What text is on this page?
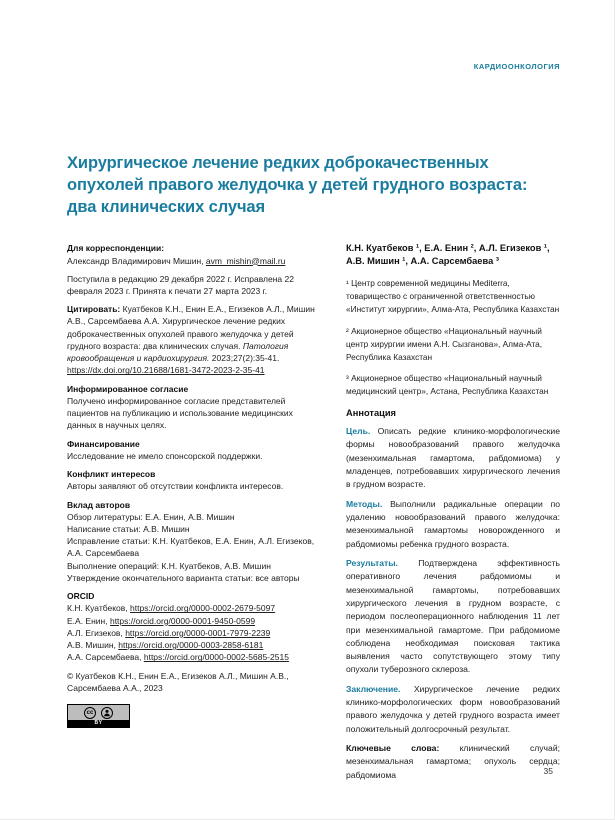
КАРДИООНКОЛОГИЯ
Хирургическое лечение редких доброкачественных опухолей правого желудочка у детей грудного возраста: два клинических случая

Для корреспонденции:
Александр Владимирович Мишин, avm_mishin@mail.ru

Поступила в редакцию 29 декабря 2022 г. Исправлена 22 февраля 2023 г. Принята к печати 27 марта 2023 г.

Цитировать: Куатбеков К.Н., Енин Е.А., Егизеков А.Л., Мишин А.В., Сарсембаева А.А. Хирургическое лечение редких доброкачественных опухолей правого желудочка у детей грудного возраста: два клинических случая. Патология кровообращения и кардиохирургия. 2023;27(2):35-41. https://dx.doi.org/10.21688/1681-3472-2023-2-35-41

Информированное согласие
Получено информированное согласие представителей пациентов на публикацию и использование медицинских данных в научных целях.
Финансирование
Исследование не имело спонсорской поддержки.
Конфликт интересов
Авторы заявляют об отсутствии конфликта интересов.
Вклад авторов
Обзор литературы: Е.А. Енин, А.В. Мишин
Написание статьи: А.В. Мишин
Исправление статьи: К.Н. Куатбеков, Е.А. Енин, А.Л. Егизеков, А.А. Сарсембаева
Выполнение операций: К.Н. Куатбеков, А.В. Мишин
Утверждение окончательного варианта статьи: все авторы
ORCID
К.Н. Куатбеков, https://orcid.org/0000-0002-2679-5097
Е.А. Енин, https://orcid.org/0000-0001-9450-0599
А.Л. Егизеков, https://orcid.org/0000-0001-7979-2239
А.В. Мишин, https://orcid.org/0000-0003-2858-6181
А.А. Сарсембаева, https://orcid.org/0000-0002-5685-2515

© Куатбеков К.Н., Енин Е.А., Егизеков А.Л., Мишин А.В., Сарсембаева А.А., 2023

cc
BY

К.Н. Куатбеков ¹, Е.А. Енин ², А.Л. Егизеков ¹, А.В. Мишин ¹, А.А. Сарсембаева ³

¹ Центр современной медицины Mediterra, товарищество с ограниченной ответственностью «Институт хирургии», Алма-Ата, Республика Казахстан

² Акционерное общество «Национальный научный центр хирургии имени А.Н. Сызганова», Алма-Ата, Республика Казахстан

³ Акционерное общество «Национальный научный медицинский центр», Астана, Республика Казахстан

Аннотация

Цель. Описать редкие клинико-морфологические формы новообразований правого желудочка (мезенхимальная гамартома, рабдомиома) у младенцев, потребовавших хирургического лечения в грудном возрасте.

Методы. Выполнили радикальные операции по удалению новообразований правого желудочка: мезенхимальной гамартомы новорожденного и рабдомиомы ребенка грудного возраста.

Результаты. Подтверждена эффективность оперативного лечения рабдомиомы и мезенхимальной гамартомы, потребовавших хирургического лечения в грудном возрасте, с периодом послеоперационного наблюдения 11 лет при мезенхимальной гамартоме. При рабдомиоме соблюдена необходимая поисковая тактика выявления часто сопутствующего этому типу опухоли туберозного склероза.

Заключение. Хирургическое лечение редких клинико-морфологических форм новообразований правого желудочка у детей грудного возраста имеет положительный долгосрочный результат.

Ключевые слова: клинический случай; мезенхимальная гамартома; опухоль сердца; рабдомиома	35
